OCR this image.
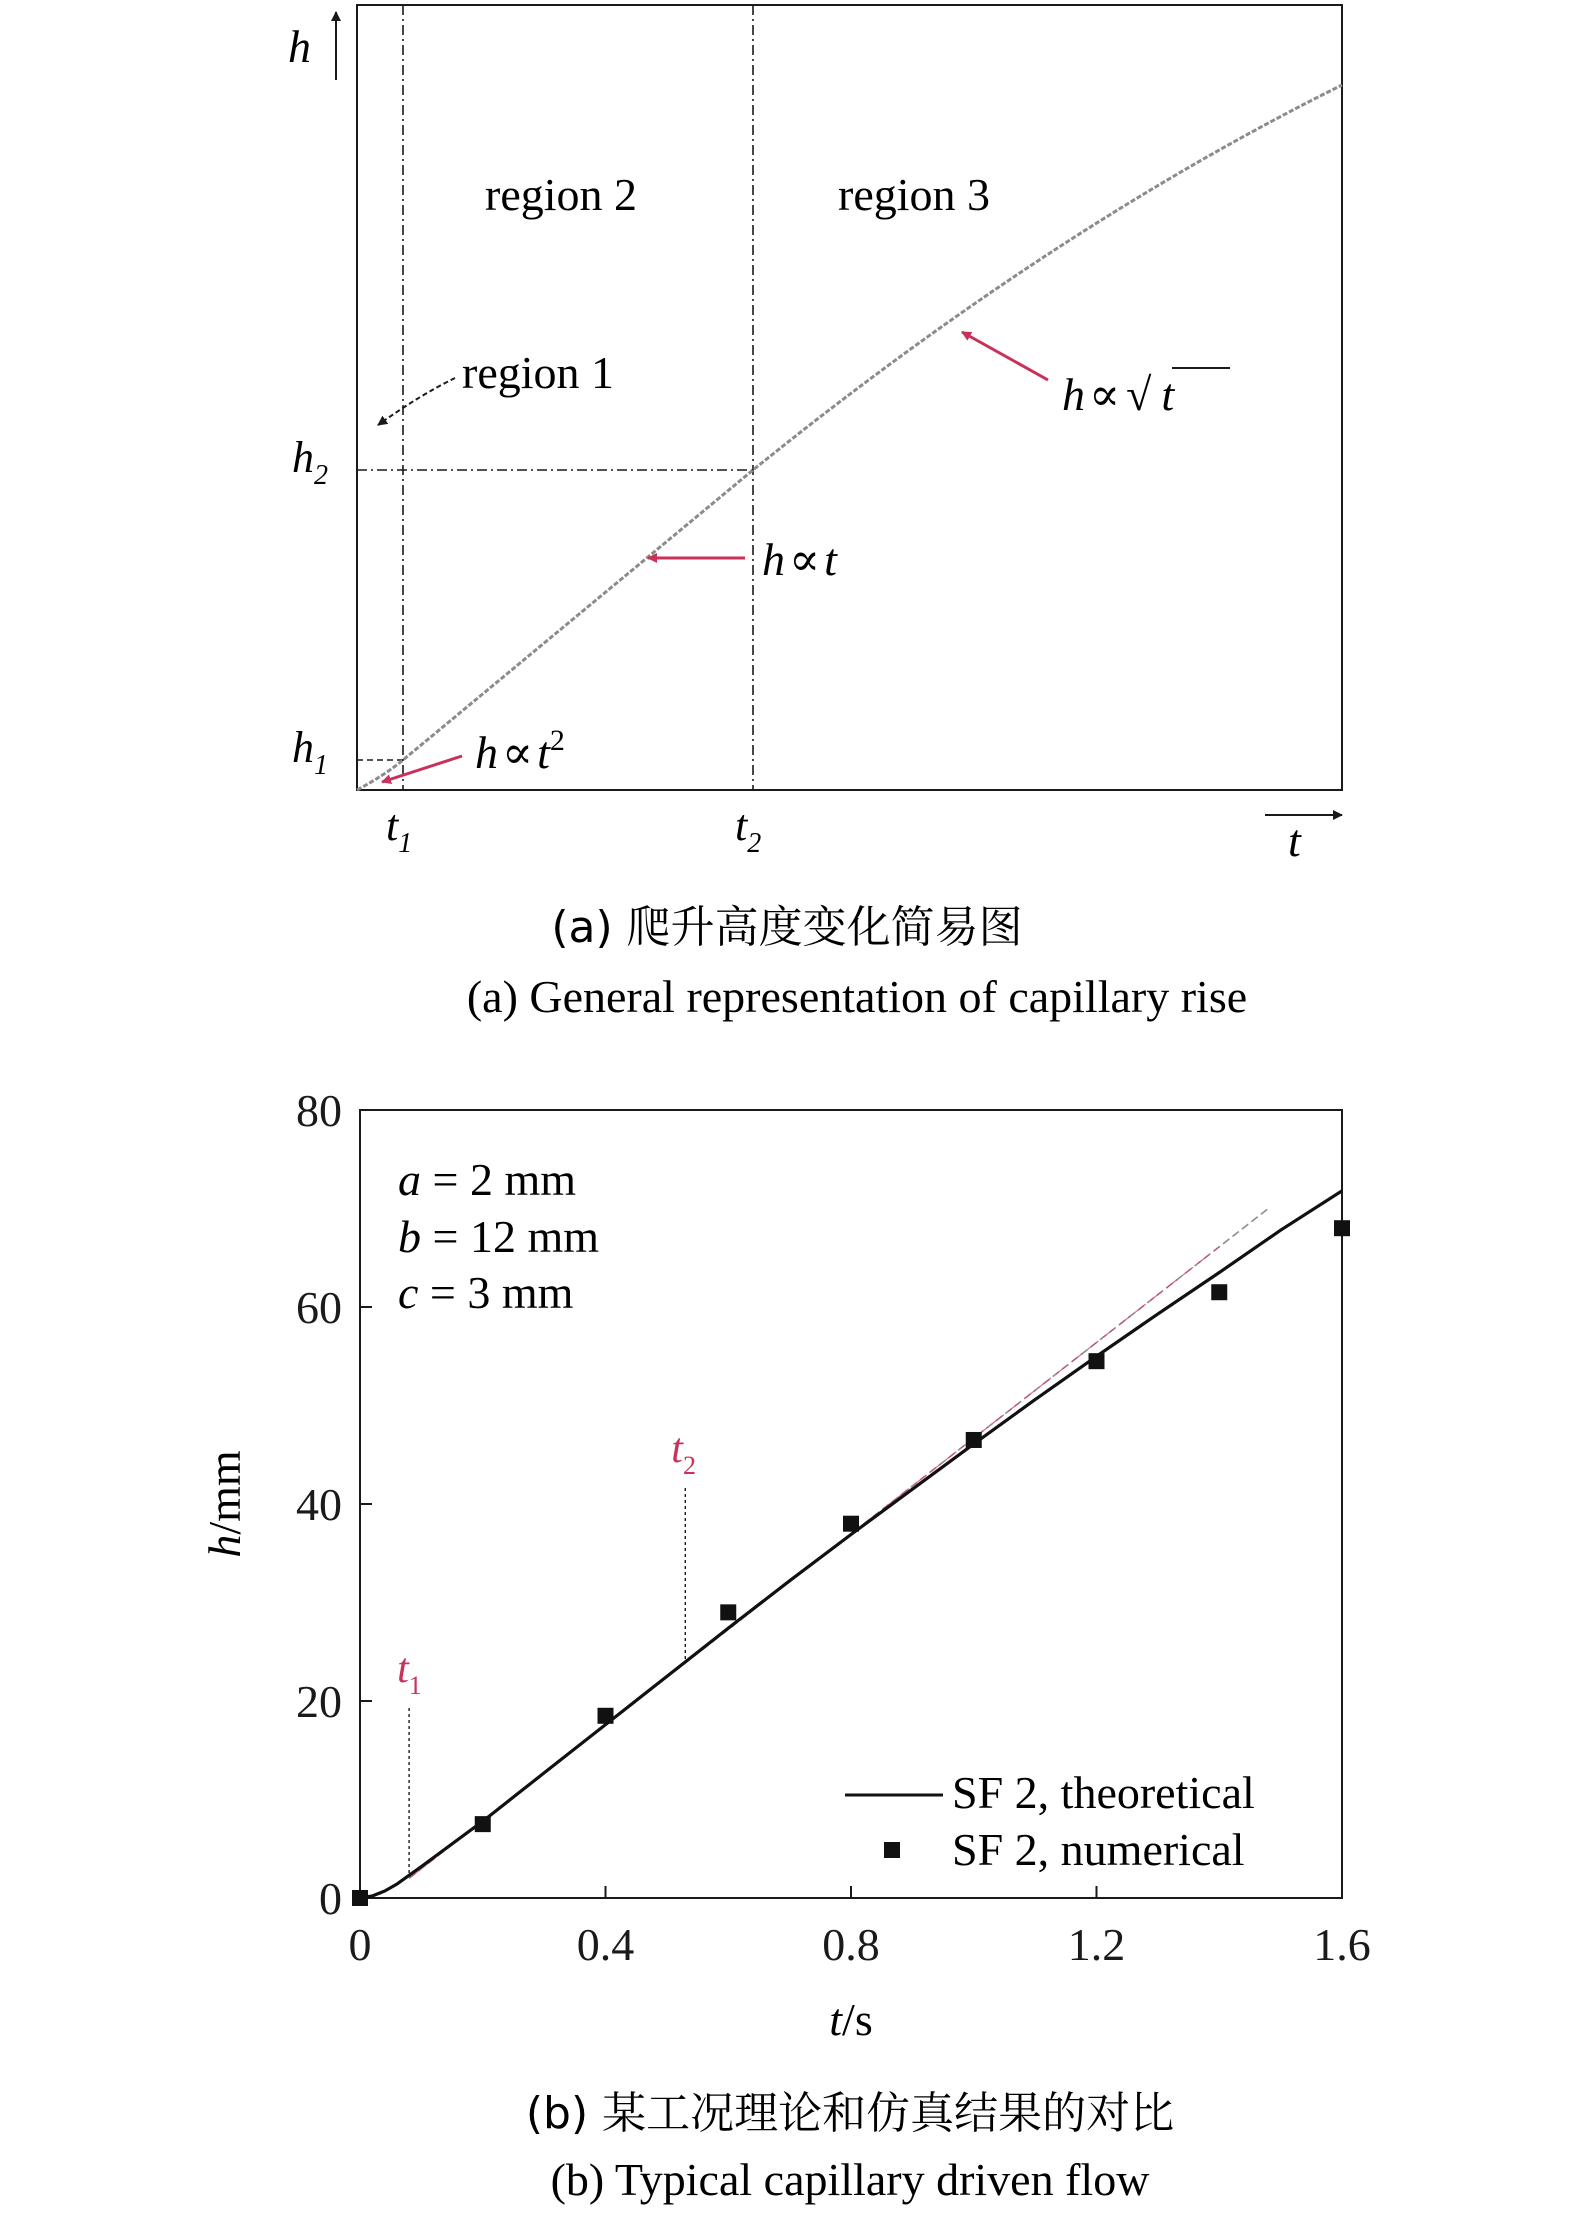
h
t
$h_2$
$h_1$
$t_1$	$t_2$
region 2	region 3
region 1
$h\propto t^2$
h∝t
h∝ √ t
(a) 爬升高度变化简易图
(a) General representation of capillary rise
0
20
40
60
80
0	0.4	0.8	1.2	1.6
h/mm
t/s
a = 2 mm
b = 12 mm
c = 3 mm
$t_1$
$t_2$
SF 2, theoretical
SF 2, numerical
(b) 某工况理论和仿真结果的对比
(b) Typical capillary driven flow
